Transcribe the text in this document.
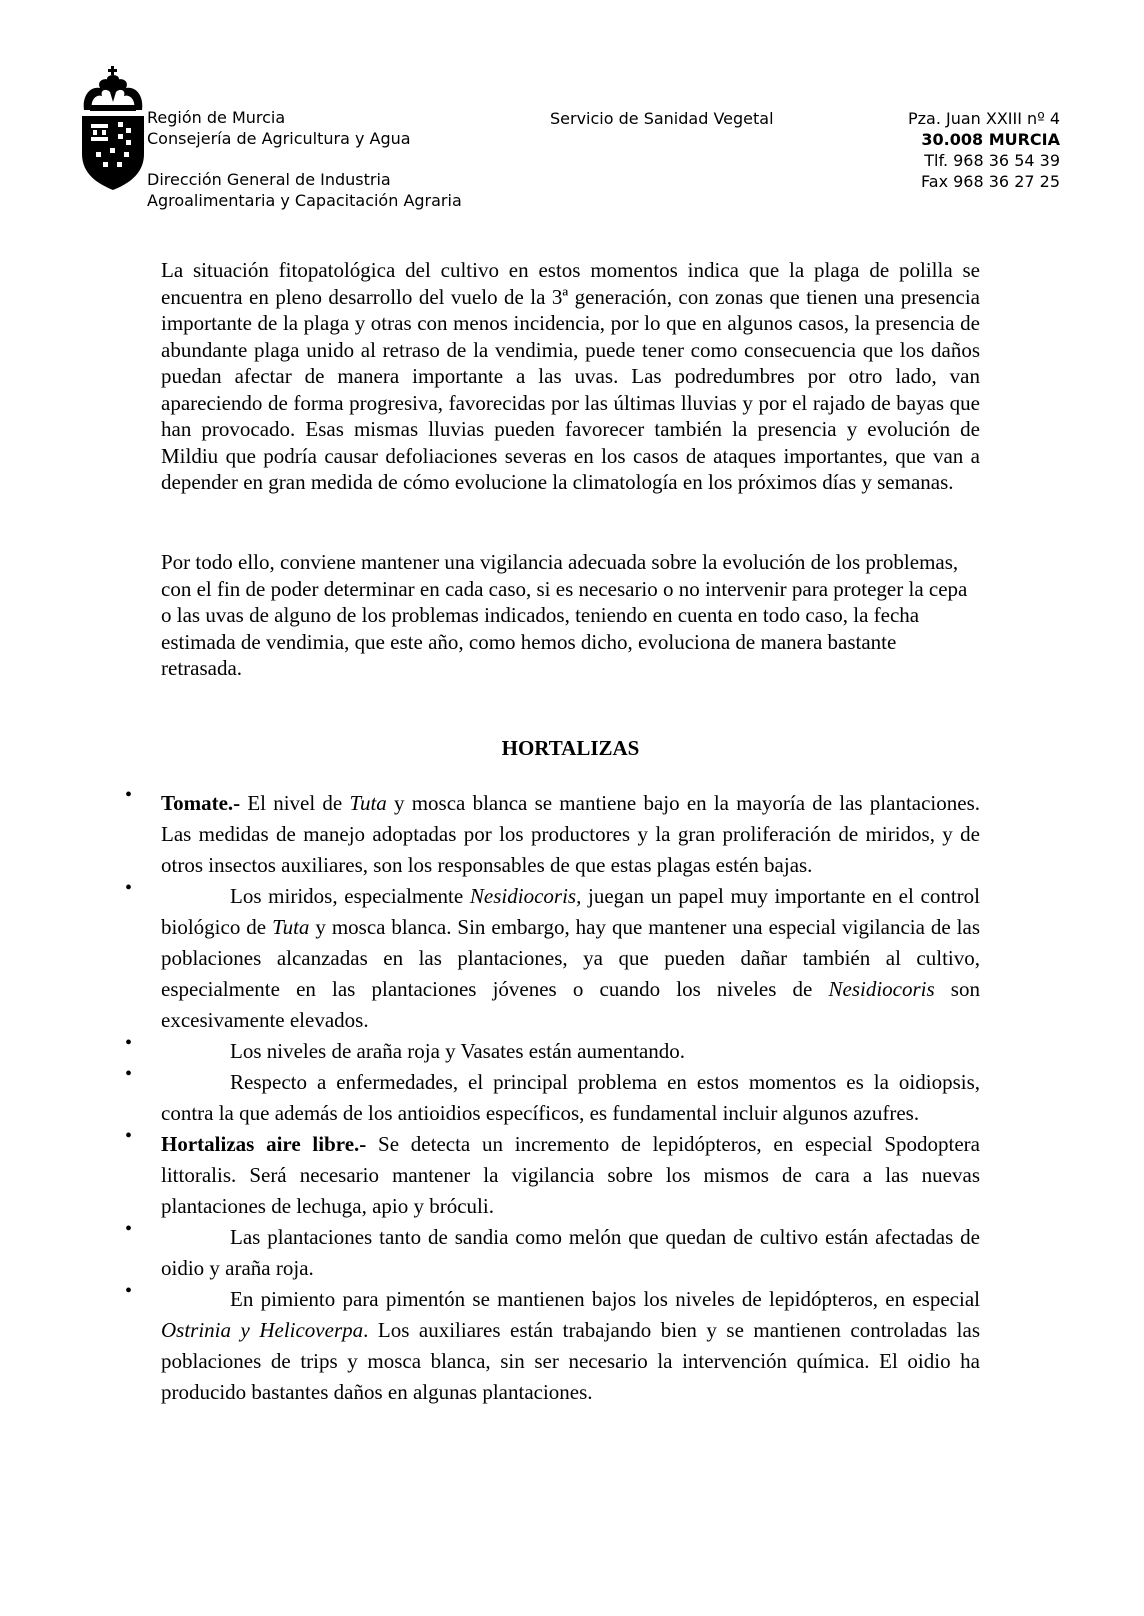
Región de Murcia
Consejería de Agricultura y Agua
Dirección General de Industria
Agroalimentaria y Capacitación Agraria
Servicio de Sanidad Vegetal	Pza. Juan XXIII nº 4
30.008 MURCIA
Tlf. 968 36 54 39
Fax 968 36 27 25
La situación fitopatológica del cultivo en estos momentos indica que la plaga de polilla se encuentra en pleno desarrollo del vuelo de la 3ª generación, con zonas que tienen una presencia importante de la plaga y otras con menos incidencia, por lo que en algunos casos, la presencia de abundante plaga unido al retraso de la vendimia, puede tener como consecuencia que los daños puedan afectar de manera importante a las uvas. Las podredumbres por otro lado, van apareciendo de forma progresiva, favorecidas por las últimas lluvias y por el rajado de bayas que han provocado. Esas mismas lluvias pueden favorecer también la presencia y evolución de Mildiu que podría causar defoliaciones severas en los casos de ataques importantes, que van a depender en gran medida de cómo evolucione la climatología en los próximos días y semanas.
Por todo ello, conviene mantener una vigilancia adecuada sobre la evolución de los problemas, con el fin de poder determinar en cada caso, si es necesario o no intervenir para proteger la cepa o las uvas de alguno de los problemas indicados, teniendo en cuenta en todo caso, la fecha estimada de vendimia, que este año, como hemos dicho, evoluciona de manera bastante retrasada.
HORTALIZAS
• Tomate.- El nivel de Tuta y mosca blanca se mantiene bajo en la mayoría de las plantaciones. Las medidas de manejo adoptadas por los productores y la gran proliferación de miridos, y de otros insectos auxiliares, son los responsables de que estas plagas estén bajas.
•	Los miridos, especialmente Nesidiocoris, juegan un papel muy importante en el control biológico de Tuta y mosca blanca. Sin embargo, hay que mantener una especial vigilancia de las poblaciones alcanzadas en las plantaciones, ya que pueden dañar también al cultivo, especialmente en las plantaciones jóvenes o cuando los niveles de Nesidiocoris son excesivamente elevados.
•	Los niveles de araña roja y Vasates están aumentando.
•	Respecto a enfermedades, el principal problema en estos momentos es la oidiopsis, contra la que además de los antioidios específicos, es fundamental incluir algunos azufres.
• Hortalizas aire libre.- Se detecta un incremento de lepidópteros, en especial Spodoptera littoralis. Será necesario mantener la vigilancia sobre los mismos de cara a las nuevas plantaciones de lechuga, apio y bróculi.
•	Las plantaciones tanto de sandia como melón que quedan de cultivo están afectadas de oidio y araña roja.
•	En pimiento para pimentón se mantienen bajos los niveles de lepidópteros, en especial Ostrinia y Helicoverpa. Los auxiliares están trabajando bien y se mantienen controladas las poblaciones de trips y mosca blanca, sin ser necesario la intervención química. El oidio ha producido bastantes daños en algunas plantaciones.
